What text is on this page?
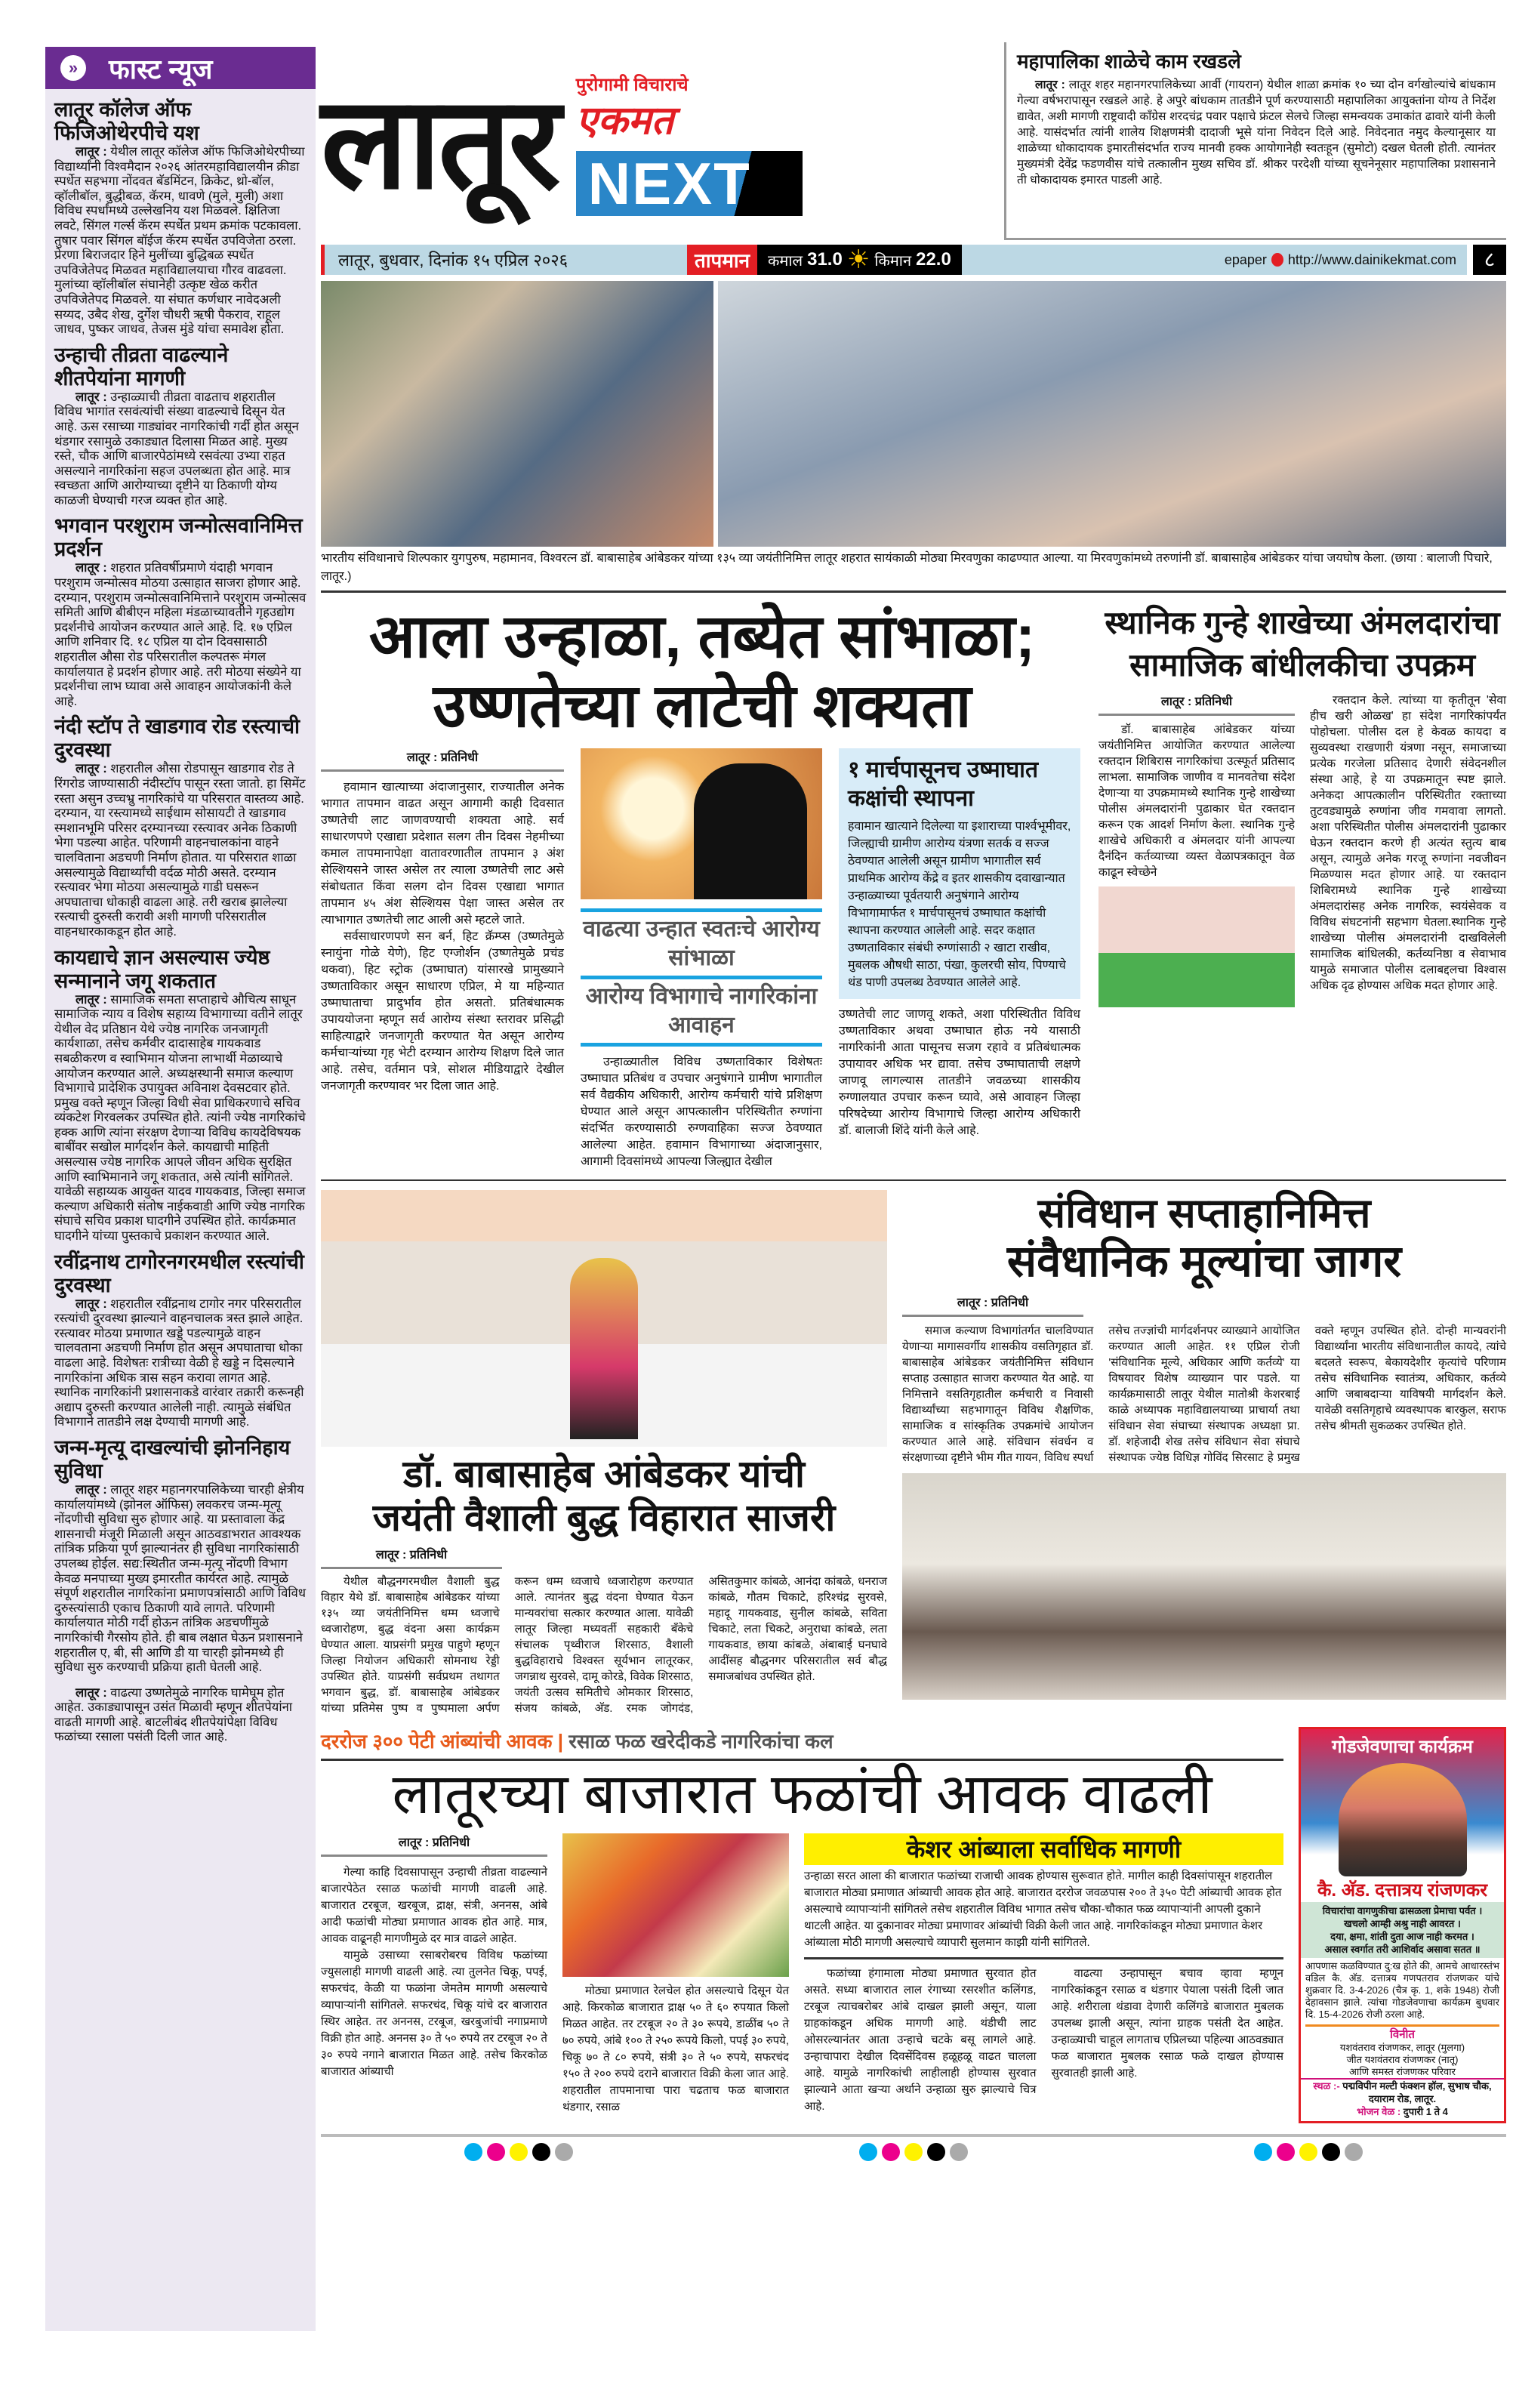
»	फास्ट न्यूज
लातूर कॉलेज ऑफ फिजिओथेरपीचे यश

लातूर : येथील लातूर कॉलेज ऑफ फिजिओथेरपीच्या विद्यार्थ्यांनी विश्वमैदान २०२६ आंतरमहाविद्यालयीन क्रीडा स्पर्धेत सहभगा नोंदवत बॅडमिंटन, क्रिकेट, थ्रो-बॉल, व्हॉलीबॉल, बुद्धीबळ, कॅरम, धावणे (मुले, मुली) अशा विविध स्पर्धांमध्ये उल्लेखनिय यश मिळवले. क्षितिजा लवटे, सिंगल गर्ल्स कॅरम स्पर्धेत प्रथम क्रमांक पटकावला. तुषार पवार सिंगल बॉईज कॅरम स्पर्धेत उपविजेता ठरला. प्रेरणा बिराजदार हिने मुलींच्या बुद्धिबळ स्पर्धेत उपविजेतेपद मिळवत महाविद्यालयाचा गौरव वाढवला. मुलांच्या व्हॉलीबॉल संघानेही उत्कृष्ट खेळ करीत उपविजेतेपद मिळवले. या संघात कर्णधार नावेदअली सय्यद, उबैद शेख, दुर्गेश चौधरी ऋषी पैकराव, राहूल जाधव, पुष्कर जाधव, तेजस मुंडे यांचा समावेश होता.

उन्हाची तीव्रता वाढल्याने शीतपेयांना मागणी

लातूर : उन्हाळ्याची तीव्रता वाढताच शहरातील विविध भागांत रसवंत्यांची संख्या वाढल्याचे दिसून येत आहे. ऊस रसाच्या गाड्यांवर नागरिकांची गर्दी होत असून थंडगार रसामुळे उकाड्यात दिलासा मिळत आहे. मुख्य रस्ते, चौक आणि बाजारपेठांमध्ये रसवंत्या उभ्या राहत असल्याने नागरिकांना सहज उपलब्धता होत आहे. मात्र स्वच्छता आणि आरोग्याच्या दृष्टीने या ठिकाणी योग्य काळजी घेण्याची गरज व्यक्त होत आहे.

भगवान परशुराम जन्मोत्सवानिमित्त प्रदर्शन

लातूर : शहरात प्रतिवर्षीप्रमाणे यंदाही भगवान परशुराम जन्मोत्सव मोठया उत्साहात साजरा होणार आहे. दरम्यान, परशुराम जन्मोत्सवानिमित्ताने परशुराम जन्मोत्सव समिती आणि बीबीएन महिला मंडळाच्यावतीने गृहउद्योग प्रदर्शनीचे आयोजन करण्यात आले आहे. दि. १७ एप्रिल आणि शनिवार दि. १८ एप्रिल या दोन दिवसासाठी शहरातील औसा रोड परिसरातील कल्पतरू मंगल कार्यालयात हे प्रदर्शन होणार आहे. तरी मोठया संख्येने या प्रदर्शनीचा लाभ घ्यावा असे आवाहन आयोजकांनी केले आहे.

नंदी स्टॉप ते खाडगाव रोड रस्त्याची दुरवस्था

लातूर : शहरातील औसा रोडपासून खाडगाव रोड ते रिंगरोड जाण्यासाठी नंदीस्टॉप पासून रस्ता जातो. हा सिमेंट रस्ता असुन उच्चभ्रु नागरिकांचे या परिसरात वास्तव्य आहे. दरम्यान, या रस्त्यामध्ये साईधाम सोसायटी ते खाडगाव स्मशानभूमि परिसर दरम्यानच्या रस्त्यावर अनेक ठिकाणी भेगा पडल्या आहेत. परिणामी वाहनचालकांना वाहने चालविताना अडचणी निर्माण होतात. या परिसरात शाळा असल्यामुळे विद्यार्थ्यांची वर्दळ मोठी असते. दरम्यान रस्त्यावर भेगा मोठया असल्यामुळे गाडी घसरून अपघाताचा धोकाही वाढला आहे. तरी खराब झालेल्या रस्त्याची दुरुस्ती करावी अशी मागणी परिसरातील वाहनधारकाकडून होत आहे.

कायद्याचे ज्ञान असल्यास ज्येष्ठ सन्मानाने जगू शकतात

लातूर : सामाजिक समता सप्ताहाचे औचित्य साधून सामाजिक न्याय व विशेष सहाय्य विभागाच्या वतीने लातूर येथील वेद प्रतिष्ठान येथे ज्येष्ठ नागरिक जनजागृती कार्यशाळा, तसेच कर्मवीर दादासाहेब गायकवाड सबळीकरण व स्वाभिमान योजना लाभार्थी मेळाव्याचे आयोजन करण्यात आले. अध्यक्षस्थानी समाज कल्याण विभागाचे प्रादेशिक उपायुक्त अविनाश देवसटवार होते. प्रमुख वक्ते म्हणून जिल्हा विधी सेवा प्राधिकरणाचे सचिव व्यंकटेश गिरवलकर उपस्थित होते. त्यांनी ज्येष्ठ नागरिकांचे हक्क आणि त्यांना संरक्षण देणाऱ्या विविध कायदेविषयक बाबींवर सखोल मार्गदर्शन केले. कायद्याची माहिती असल्यास ज्येष्ठ नागरिक आपले जीवन अधिक सुरक्षित आणि स्वाभिमानाने जगू शकतात, असे त्यांनी सांगितले. यावेळी सहाय्यक आयुक्त यादव गायकवाड, जिल्हा समाज कल्याण अधिकारी संतोष नाईकवाडी आणि ज्येष्ठ नागरिक संघाचे सचिव प्रकाश घादगीने उपस्थित होते. कार्यक्रमात घादगीने यांच्या पुस्तकाचे प्रकाशन करण्यात आले.

रवींद्रनाथ टागोरनगरमधील रस्त्यांची दुरवस्था

लातूर : शहरातील रवींद्रनाथ टागोर नगर परिसरातील रस्त्यांची दुरवस्था झाल्याने वाहनचालक त्रस्त झाले आहेत. रस्त्यावर मोठया प्रमाणात खड्डे पडल्यामुळे वाहन चालवताना अडचणी निर्माण होत असून अपघाताचा धोका वाढला आहे. विशेषतः रात्रीच्या वेळी हे खड्डे न दिसल्याने नागरिकांना अधिक त्रास सहन करावा लागत आहे. स्थानिक नागरिकांनी प्रशासनाकडे वारंवार तक्रारी करूनही अद्याप दुरुस्ती करण्यात आलेली नाही. त्यामुळे संबंधित विभागाने तातडीने लक्ष देण्याची मागणी आहे.

जन्म-मृत्यू दाखल्यांची झोननिहाय सुविधा

लातूर : लातूर शहर महानगरपालिकेच्या चारही क्षेत्रीय कार्यालयांमध्ये (झोनल ऑफिस) लवकरच जन्म-मृत्यू नोंदणीची सुविधा सुरु होणार आहे. या प्रस्तावाला केंद्र शासनाची मंजूरी मिळाली असून आठवडाभरात आवश्यक तांत्रिक प्रक्रिया पूर्ण झाल्यानंतर ही सुविधा नागरिकांसाठी उपलब्ध होईल. सद्य:स्थितीत जन्म-मृत्यू नोंदणी विभाग केवळ मनपाच्या मुख्य इमारतीत कार्यरत आहे. त्यामुळे संपूर्ण शहरातील नागरिकांना प्रमाणपत्रांसाठी आणि विविध दुरुस्त्यांसाठी एकाच ठिकाणी यावे लागते. परिणामी कार्यालयात मोठी गर्दी होऊन तांत्रिक अडचणींमुळे नागरिकांची गैरसोय होते. ही बाब लक्षात घेऊन प्रशासनाने शहरातील ए, बी, सी आणि डी या चारही झोनमध्ये ही सुविधा सुरु करण्याची प्रक्रिया हाती घेतली आहे.

लातूर : वाढत्या उष्णतेमुळे नागरिक घामेघूम होत आहेत. उकाड्यापासून उसंत मिळावी म्हणून शीतपेयांना वाढती मागणी आहे. बाटलीबंद शीतपेयांपेक्षा विविध फळांच्या रसाला पसंती दिली जात आहे.

लातूर पुरोगामी विचाराचे
एकमत
NEXT
महापालिका शाळेचे काम रखडले

लातूर : लातूर शहर महानगरपालिकेच्या आर्वी (गायरान) येथील शाळा क्रमांक १० च्या दोन वर्गखोल्यांचे बांधकाम गेल्या वर्षभरापासून रखडले आहे. हे अपुरे बांधकाम तातडीने पूर्ण करण्यासाठी महापालिका आयुक्तांना योग्य ते निर्देश द्यावेत, अशी मागणी राष्ट्रवादी काँग्रेस शरदचंद्र पवार पक्षाचे फ्रंटल सेलचे जिल्हा समन्वयक उमाकांत ढावारे यांनी केली आहे. यासंदर्भात त्यांनी शालेय शिक्षणमंत्री दादाजी भूसे यांना निवेदन दिले आहे. निवेदनात नमुद केल्यानूसार या शाळेच्या धोकादायक इमारतीसंदर्भात राज्य मानवी हक्क आयोगानेही स्वतःहून (सुमोटो) दखल घेतली होती. त्यानंतर मुख्यमंत्री देवेंद्र फडणवीस यांचे तत्कालीन मुख्य सचिव डॉ. श्रीकर परदेशी यांच्या सूचनेनूसार महापालिका प्रशासनाने ती धोकादायक इमारत पाडली आहे.

लातूर, बुधवार, दिनांक १५ एप्रिल २०२६	तापमान	कमाल 31.0 ☀ किमान 22.0	epaper http://www.dainikekmat.com	८
भारतीय संविधानाचे शिल्पकार युगपुरुष, महामानव, विश्वरत्न डॉ. बाबासाहेब आंबेडकर यांच्या १३५ व्या जयंतीनिमित्त लातूर शहरात सायंकाळी मोठ्या मिरवणुका काढण्यात आल्या. या मिरवणुकांमध्ये तरुणांनी डॉ. बाबासाहेब आंबेडकर यांचा जयघोष केला. (छाया : बालाजी पिचारे, लातूर.)
आला उन्हाळा, तब्येत सांभाळा;
उष्णतेच्या लाटेची शक्यता
लातूर : प्रतिनिधी

हवामान खात्याच्या अंदाजानुसार, राज्यातील अनेक भागात तापमान वाढत असून आगामी काही दिवसात उष्णतेची लाट जाणवण्याची शक्यता आहे. सर्व साधारणपणे एखाद्या प्रदेशात सलग तीन दिवस नेहमीच्या कमाल तापमानापेक्षा वातावरणातील तापमान ३ अंश सेल्शियसने जास्त असेल तर त्याला उष्णतेची लाट असे संबोधतात किंवा सलग दोन दिवस एखाद्या भागात तापमान ४५ अंश सेल्शियस पेक्षा जास्त असेल तर त्याभागात उष्णतेची लाट आली असे म्हटले जाते.

सर्वसाधारणपणे सन बर्न, हिट क्रॅम्प्स (उष्णतेमुळे स्नायुंना गोळे येणे), हिट एग्जोर्शन (उष्णतेमुळे प्रचंड थकवा), हिट स्ट्रोक (उष्माघात) यांसारखे प्रामुख्याने उष्णताविकार असून साधारण एप्रिल, मे या महिन्यात उष्माघाताचा प्रादुर्भाव होत असतो. प्रतिबंधात्मक उपाययोजना म्हणून सर्व आरोग्य संस्था स्तरावर प्रसिद्धी साहित्याद्वारे जनजागृती करण्यात येत असून आरोग्य कर्मचाऱ्यांच्या गृह भेटी दरम्यान आरोग्य शिक्षण दिले जात आहे. तसेच, वर्तमान पत्रे, सोशल मीडियाद्वारे देखील जनजागृती करण्यावर भर दिला जात आहे.

वाढत्या उन्हात स्वतःचे आरोग्य सांभाळा
आरोग्य विभागाचे नागरिकांना आवाहन

उन्हाळ्यातील विविध उष्णताविकार विशेषतः उष्माघात प्रतिबंध व उपचार अनुषंगाने ग्रामीण भागातील सर्व वैद्यकीय अधिकारी, आरोग्य कर्मचारी यांचे प्रशिक्षण घेण्यात आले असून आपत्कालीन परिस्थितीत रुग्णांना संदर्भित करण्यासाठी रुग्णवाहिका सज्ज ठेवण्यात आलेल्या आहेत. हवामान विभागाच्या अंदाजानुसार, आगामी दिवसांमध्ये आपल्या जिल्ह्यात देखील

१ मार्चपासूनच उष्माघात कक्षांची स्थापना
हवामान खात्याने दिलेल्या या इशाराच्या पार्श्वभूमीवर, जिल्ह्याची ग्रामीण आरोग्य यंत्रणा सतर्क व सज्ज ठेवण्यात आलेली असून ग्रामीण भागातील सर्व प्राथमिक आरोग्य केंद्रे व इतर शासकीय दवाखान्यात उन्हाळ्याच्या पूर्वतयारी अनुषंगाने आरोग्य विभागामार्फत १ मार्चपासूनचं उष्माघात कक्षांची स्थापना करण्यात आलेली आहे. सदर कक्षात उष्णताविकार संबंधी रुग्णांसाठी २ खाटा राखीव, मुबलक औषधी साठा, पंखा, कुलरची सोय, पिण्याचे थंड पाणी उपलब्ध ठेवण्यात आलेले आहे.
उष्णतेची लाट जाणवू शकते, अशा परिस्थितीत विविध उष्णताविकार अथवा उष्माघात होऊ नये यासाठी नागरिकांनी आता पासूनच सजग रहावे व प्रतिबंधात्मक उपायावर अधिक भर द्यावा. तसेच उष्माघाताची लक्षणे जाणवू लागल्यास तातडीने जवळच्या शासकीय रुग्णालयात उपचार करून घ्यावे, असे आवाहन जिल्हा परिषदेच्या आरोग्य विभागाचे जिल्हा आरोग्य अधिकारी डॉ. बालाजी शिंदे यांनी केले आहे.
स्थानिक गुन्हे शाखेच्या अंमलदारांचा सामाजिक बांधीलकीचा उपक्रम
लातूर : प्रतिनिधी

डॉ. बाबासाहेब आंबेडकर यांच्या जयंतीनिमित्त आयोजित करण्यात आलेल्या रक्तदान शिबिरास नागरिकांचा उत्स्फूर्त प्रतिसाद लाभला. सामाजिक जाणीव व मानवतेचा संदेश देणाऱ्या या उपक्रमामध्ये स्थानिक गुन्हे शाखेच्या पोलीस अंमलदारांनी पुढाकार घेत रक्तदान करून एक आदर्श निर्माण केला. स्थानिक गुन्हे शाखेचे अधिकारी व अंमलदार यांनी आपल्या दैनंदिन कर्तव्याच्या व्यस्त वेळापत्रकातून वेळ काढून स्वेच्छेने

रक्तदान केले. त्यांच्या या कृतीतून 'सेवा हीच खरी ओळख' हा संदेश नागरिकांपर्यंत पोहोचला. पोलीस दल हे केवळ कायदा व सुव्यवस्था राखणारी यंत्रणा नसून, समाजाच्या प्रत्येक गरजेला प्रतिसाद देणारी संवेदनशील संस्था आहे, हे या उपक्रमातून स्पष्ट झाले. अनेकदा आपत्कालीन परिस्थितीत रक्ताच्या तुटवड्यामुळे रुग्णांना जीव गमवावा लागतो. अशा परिस्थितीत पोलीस अंमलदारांनी पुढाकार घेऊन रक्तदान करणे ही अत्यंत स्तुत्य बाब असून, त्यामुळे अनेक गरजू रुग्णांना नवजीवन मिळण्यास मदत होणार आहे. या रक्तदान शिबिरामध्ये स्थानिक गुन्हे शाखेच्या अंमलदारांसह अनेक नागरिक, स्वयंसेवक व विविध संघटनांनी सहभाग घेतला.स्थानिक गुन्हे शाखेच्या पोलीस अंमलदारांनी दाखविलेली सामाजिक बांधिलकी, कर्तव्यनिष्ठा व सेवाभाव यामुळे समाजात पोलीस दलाबद्दलचा विश्वास अधिक दृढ होण्यास अधिक मदत होणार आहे.

डॉ. बाबासाहेब आंबेडकर यांची
जयंती वैशाली बुद्ध विहारात साजरी
लातूर : प्रतिनिधी

येथील बौद्धनगरमधील वैशाली बुद्ध विहार येथे डॉ. बाबासाहेब आंबेडकर यांच्या १३५ व्या जयंतीनिमित्त धम्म ध्वजाचे ध्वजारोहण, बुद्ध वंदना असा कार्यक्रम घेण्यात आला. याप्रसंगी प्रमुख पाहुणे म्हणून जिल्हा नियोजन अधिकारी सोमनाथ रेड्डी उपस्थित होते. याप्रसंगी सर्वप्रथम तथागत भगवान बुद्ध, डॉ. बाबासाहेब आंबेडकर यांच्या प्रतिमेस पुष्प व पुष्पमाला अर्पण करून धम्म ध्वजाचे ध्वजारोहण करण्यात आले. त्यानंतर बुद्ध वंदना घेण्यात येऊन मान्यवरांचा सत्कार करण्यात आला. यावेळी लातूर जिल्हा मध्यवर्ती सहकारी बँकेचे संचालक पृथ्वीराज शिरसाठ, वैशाली बुद्धविहाराचे विश्वस्त सूर्यभान लातूरकर, जगन्नाथ सुरवसे, दामू कोरडे, विवेक शिरसाठ, जयंती उत्सव समितीचे ओमकार शिरसाठ, संजय कांबळे, अ‍ॅड. रमक जोगदंड, असितकुमार कांबळे, आनंदा कांबळे, धनराज कांबळे, गौतम चिकाटे, हरिश्चंद्र सुरवसे, महादू गायकवाड, सुनील कांबळे, सविता चिकाटे, लता चिकटे, अनुराधा कांबळे, लता गायकवाड, छाया कांबळे, अंबाबाई घनघावे आदींसह बौद्धनगर परिसरातील सर्व बौद्ध समाजबांधव उपस्थित होते.

संविधान सप्ताहानिमित्त
संवैधानिक मूल्यांचा जागर
लातूर : प्रतिनिधी

समाज कल्याण विभागांतर्गत चालविण्यात येणाऱ्या मागासवर्गीय शासकीय वसतिगृहात डॉ. बाबासाहेब आंबेडकर जयंतीनिमित्त संविधान सप्ताह उत्साहात साजरा करण्यात येत आहे. या निमित्ताने वसतिगृहातील कर्मचारी व निवासी विद्यार्थ्यांच्या सहभागातून विविध शैक्षणिक, सामाजिक व सांस्कृतिक उपक्रमांचे आयोजन करण्यात आले आहे. संविधान संवर्धन व संरक्षणाच्या दृष्टीने भीम गीत गायन, विविध स्पर्धा तसेच तज्ज्ञांची मार्गदर्शनपर व्याख्याने आयोजित करण्यात आली आहेत. ११ एप्रिल रोजी 'संविधानिक मूल्ये, अधिकार आणि कर्तव्ये' या विषयावर विशेष व्याख्यान पार पडले. या कार्यक्रमासाठी लातूर येथील मातोश्री केशरबाई काळे अध्यापक महाविद्यालयाच्या प्राचार्या तथा संविधान सेवा संघाच्या संस्थापक अध्यक्षा प्रा. डॉ. शहेजादी शेख तसेच संविधान सेवा संघाचे संस्थापक ज्येष्ठ विधिज्ञ गोविंद सिरसाट हे प्रमुख वक्ते म्हणून उपस्थित होते. दोन्ही मान्यवरांनी विद्यार्थ्यांना भारतीय संविधानातील कायदे, त्यांचे बदलते स्वरूप, बेकायदेशीर कृत्यांचे परिणाम तसेच संविधानिक स्वातंत्र्य, अधिकार, कर्तव्ये आणि जबाबदाऱ्या याविषयी मार्गदर्शन केले. यावेळी वसतिगृहाचे व्यवस्थापक बारकुल, सराफ तसेच श्रीमती सुकळकर उपस्थित होते.

दररोज ३०० पेटी आंब्यांची आवक | रसाळ फळ खरेदीकडे नागरिकांचा कल
लातूरच्या बाजारात फळांची आवक वाढली
लातूर : प्रतिनिधी

गेल्या काहि दिवसापासून उन्हाची तीव्रता वाढल्याने बाजारपेठेत रसाळ फळांची मागणी वाढली आहे. बाजारात टरबूज, खरबूज, द्राक्ष, संत्री, अननस, आंबे आदी फळांची मोठ्या प्रमाणात आवक होत आहे. मात्र, आवक वाढूनही मागणीमुळे दर मात्र वाढले आहेत.

यामुळे उसाच्या रसाबरोबरच विविध फळांच्या ज्युसलाही मागणी वाढली आहे. त्या तुलनेत चिकू, पपई, सफरचंद, केळी या फळांना जेमतेम मागणी असल्याचे व्यापाऱ्यांनी सांगितले. सफरचंद, चिकू यांचे दर बाजारात स्थिर आहेत. तर अननस, टरबूज, खरबुजांची नगाप्रमाणे विक्री होत आहे. अननस ३० ते ५० रुपये तर टरबूज २० ते ३० रुपये नगाने बाजारात मिळत आहे. तसेच किरकोळ बाजारात आंब्याची

मोठ्या प्रमाणात रेलचेल होत असल्याचे दिसून येत आहे. किरकोळ बाजारात द्राक्ष ५० ते ६० रुपयात किलो मिळत आहेत. तर टरबूज २० ते ३० रूपये, डाळींब ५० ते ७० रुपये, आंबे १०० ते २५० रूपये किलो, पपई ३० रुपये, चिकू ७० ते ८० रुपये, संत्री ३० ते ५० रुपये, सफरचंद १५० ते २०० रुपये दराने बाजारात विक्री केला जात आहे. शहरातील तापमानाचा पारा चढताच फळ बाजारात थंडगार, रसाळ

केशर आंब्याला सर्वाधिक मागणी
उन्हाळा सरत आला की बाजारात फळांच्या राजाची आवक होण्यास सुरूवात होते. मागील काही दिवसांपासून शहरातील बाजारात मोठ्या प्रमाणात आंब्याची आवक होत आहे. बाजारात दररोज जवळपास २०० ते ३५० पेटी आंब्याची आवक होत असल्याचे व्यापाऱ्यांनी सांगितले तसेच शहरातील विविध भागात तसेच चौका-चौकात फळ व्यापाऱ्यांनी आपली दुकाने थाटली आहेत. या दुकानावर मोठ्या प्रमाणावर आंब्यांची विक्री केली जात आहे. नागरिकांकडून मोठ्या प्रमाणात केशर आंब्याला मोठी मागणी असल्याचे व्यापारी सुलमान काझी यांनी सांगितले.

फळांच्या हंगामाला मोठ्या प्रमाणात सुरवात होत असते. सध्या बाजारात लाल रंगाच्या रसरशीत कलिंगड, टरबूज त्याचबरोबर आंबे दाखल झाली असून, याला ग्राहकांकडून अधिक मागणी आहे. थंडीची लाट ओसरल्यानंतर आता उन्हाचे चटके बसू लागले आहे. उन्हाचापारा देखील दिवसेंदिवस हळूहळू वाढत चालला आहे. यामुळे नागरिकांची लाहीलाही होण्यास सुरवात झाल्याने आता खऱ्या अर्थाने उन्हाळा सुरु झाल्याचे चित्र आहे.

वाढत्या उन्हापासून बचाव व्हावा म्हणून नागरिकांकडून रसाळ व थंडगार पेयाला पसंती दिली जात आहे. शरीराला थंडावा देणारी कलिंगडे बाजारात मुबलक उपलब्ध झाली असून, त्यांना ग्राहक पसंती देत आहेत. उन्हाळ्याची चाहूल लागताच एप्रिलच्या पहिल्या आठवड्यात फळ बाजारात मुबलक रसाळ फळे दाखल होण्यास सुरवातही झाली आहे.

गोडजेवणाचा कार्यक्रम
कै. अ‍ॅड. दत्तात्रय रांजणकर
विचारांचा वागणुकीचा ढासळला प्रेमाचा पर्वत ।
खचलो आम्ही अश्रु नाही आवरत ।
दया, क्षमा, शांती दुता आज नाही करमत ।
असाल स्वर्गात तरी आशिर्वाद असावा सतत ॥
आपणास कळविण्यात दु:ख होते की, आमचे आधारस्तंभ वडिल कै. अ‍ॅड. दत्तात्रय गणपतराव रांजणकर यांचे शुक्रवार दि. 3-4-2026 (चैत्र कृ. 1, शके 1948) रोजी देहावसान झाले. त्यांचा गोडजेवणाचा कार्यक्रम बुधवार दि. 15-4-2026 रोजी ठरला आहे.
विनीत
यशवंतराव रांजणकर, लातूर (मुलगा)
जीत यशवंतराव रांजणकर (नातू)
आणि समस्त रांजणकर परिवार
स्थळ :- पद्मविपीन मल्टी फंक्शन हॉल, सुभाष चौक, दयाराम रोड, लातूर.
भोजन वेळ : दुपारी 1 ते 4
